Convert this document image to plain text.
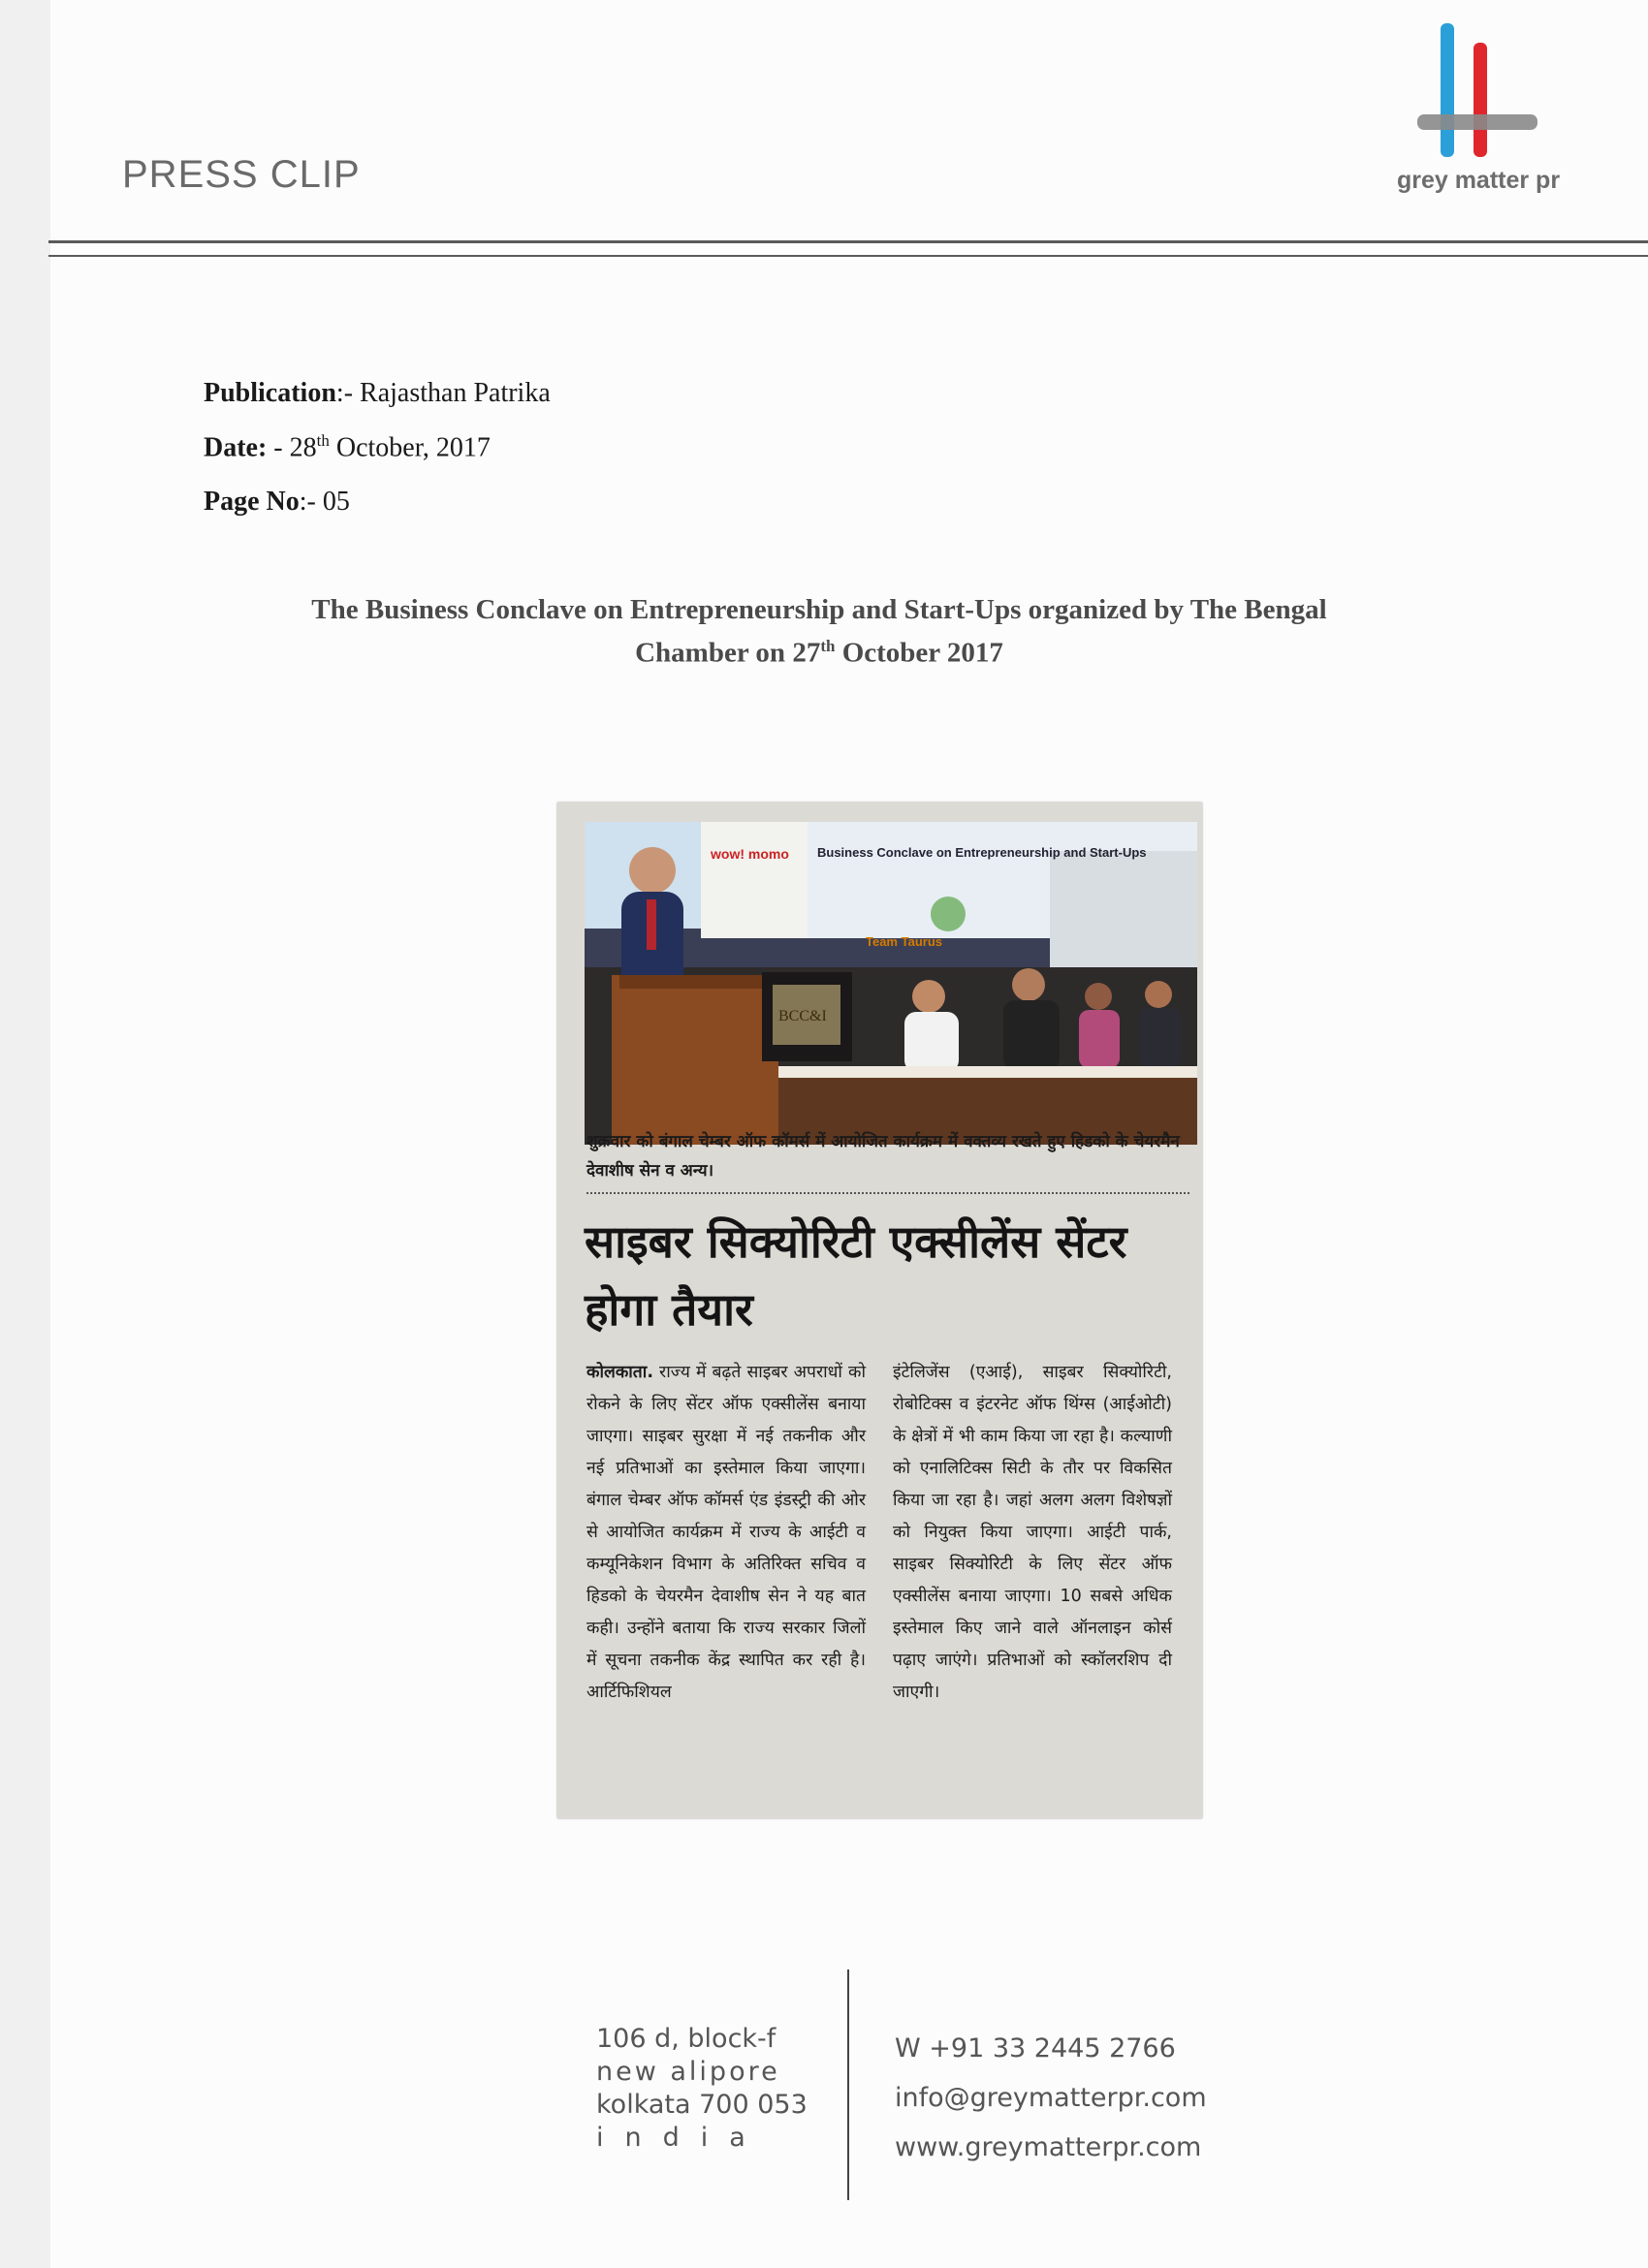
PRESS CLIP	grey matter pr
Publication:- Rajasthan Patrika
Date: - 28th October, 2017
Page No:- 05
The Business Conclave on Entrepreneurship and Start-Ups organized by The Bengal
Chamber on 27th October 2017
Business Conclave on Entrepreneurship and Start-Ups
wow! momo
Team Taurus
BCC&I
शुक्रवार को बंगाल चेम्बर ऑफ कॉमर्स में आयोजित कार्यक्रम में वक्तव्य रखते हुए हिडको के चेयरमैन देवाशीष सेन व अन्य।
साइबर सिक्योरिटी एक्सीलेंस सेंटर होगा तैयार
कोलकाता. राज्य में बढ़ते साइबर अपराधों को रोकने के लिए सेंटर ऑफ एक्सीलेंस बनाया जाएगा। साइबर सुरक्षा में नई तकनीक और नई प्रतिभाओं का इस्तेमाल किया जाएगा। बंगाल चेम्बर ऑफ कॉमर्स एंड इंडस्ट्री की ओर से आयोजित कार्यक्रम में राज्य के आईटी व कम्यूनिकेशन विभाग के अतिरिक्त सचिव व हिडको के चेयरमैन देवाशीष सेन ने यह बात कही। उन्होंने बताया कि राज्य सरकार जिलों में सूचना तकनीक केंद्र स्थापित कर रही है। आर्टिफिशियल
इंटेलिजेंस (एआई), साइबर सिक्योरिटी, रोबोटिक्स व इंटरनेट ऑफ थिंग्स (आईओटी) के क्षेत्रों में भी काम किया जा रहा है। कल्याणी को एनालिटिक्स सिटी के तौर पर विकसित किया जा रहा है। जहां अलग अलग विशेषज्ञों को नियुक्त किया जाएगा। आईटी पार्क, साइबर सिक्योरिटी के लिए सेंटर ऑफ एक्सीलेंस बनाया जाएगा। 10 सबसे अधिक इस्तेमाल किए जाने वाले ऑनलाइन कोर्स पढ़ाए जाएंगे। प्रतिभाओं को स्कॉलरशिप दी जाएगी।
106 d, block-f
new alipore
kolkata 700 053
india
W +91 33 2445 2766
info@greymatterpr.com
www.greymatterpr.com
